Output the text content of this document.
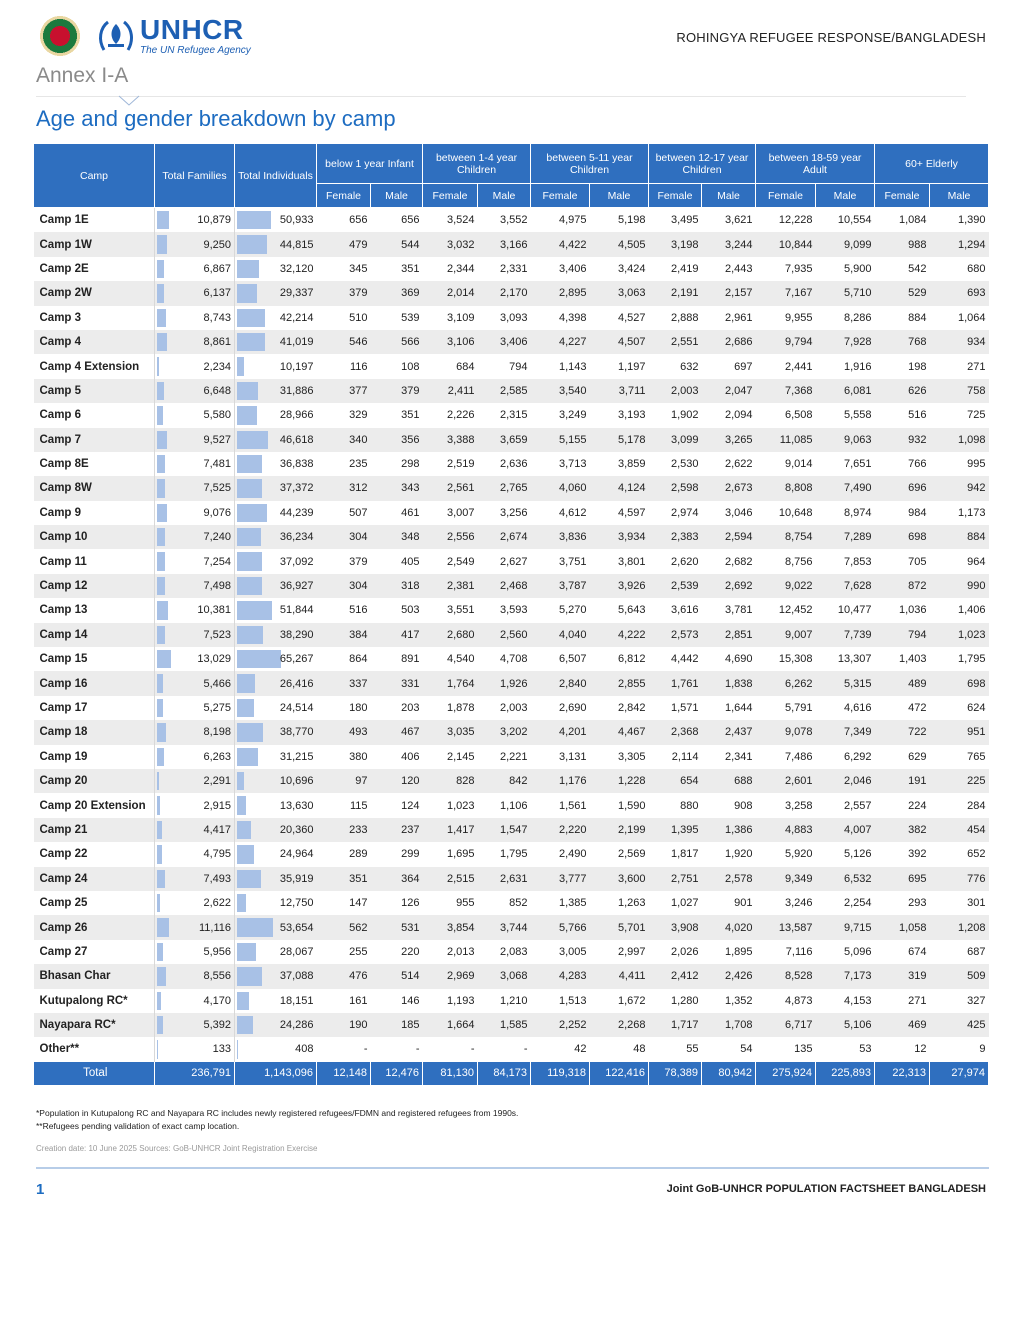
UNHCR
The UN Refugee Agency
ROHINGYA REFUGEE RESPONSE/BANGLADESH
Annex I-A
Age and gender breakdown by camp
Camp	Total Families	Total Individuals	below 1 year Infant		between 1-4 year Children		between 5-11 year Children		between 12-17 year Children		between 18-59 year Adult		60+ Elderly	
			Female	Male	Female	Male	Female	Male	Female	Male	Female	Male	Female	Male
Camp 1E	10,879	50,933	656	656	3,524	3,552	4,975	5,198	3,495	3,621	12,228	10,554	1,084	1,390
Camp 1W	9,250	44,815	479	544	3,032	3,166	4,422	4,505	3,198	3,244	10,844	9,099	988	1,294
Camp 2E	6,867	32,120	345	351	2,344	2,331	3,406	3,424	2,419	2,443	7,935	5,900	542	680
Camp 2W	6,137	29,337	379	369	2,014	2,170	2,895	3,063	2,191	2,157	7,167	5,710	529	693
Camp 3	8,743	42,214	510	539	3,109	3,093	4,398	4,527	2,888	2,961	9,955	8,286	884	1,064
Camp 4	8,861	41,019	546	566	3,106	3,406	4,227	4,507	2,551	2,686	9,794	7,928	768	934
Camp 4 Extension	2,234	10,197	116	108	684	794	1,143	1,197	632	697	2,441	1,916	198	271
Camp 5	6,648	31,886	377	379	2,411	2,585	3,540	3,711	2,003	2,047	7,368	6,081	626	758
Camp 6	5,580	28,966	329	351	2,226	2,315	3,249	3,193	1,902	2,094	6,508	5,558	516	725
Camp 7	9,527	46,618	340	356	3,388	3,659	5,155	5,178	3,099	3,265	11,085	9,063	932	1,098
Camp 8E	7,481	36,838	235	298	2,519	2,636	3,713	3,859	2,530	2,622	9,014	7,651	766	995
Camp 8W	7,525	37,372	312	343	2,561	2,765	4,060	4,124	2,598	2,673	8,808	7,490	696	942
Camp 9	9,076	44,239	507	461	3,007	3,256	4,612	4,597	2,974	3,046	10,648	8,974	984	1,173
Camp 10	7,240	36,234	304	348	2,556	2,674	3,836	3,934	2,383	2,594	8,754	7,289	698	884
Camp 11	7,254	37,092	379	405	2,549	2,627	3,751	3,801	2,620	2,682	8,756	7,853	705	964
Camp 12	7,498	36,927	304	318	2,381	2,468	3,787	3,926	2,539	2,692	9,022	7,628	872	990
Camp 13	10,381	51,844	516	503	3,551	3,593	5,270	5,643	3,616	3,781	12,452	10,477	1,036	1,406
Camp 14	7,523	38,290	384	417	2,680	2,560	4,040	4,222	2,573	2,851	9,007	7,739	794	1,023
Camp 15	13,029	65,267	864	891	4,540	4,708	6,507	6,812	4,442	4,690	15,308	13,307	1,403	1,795
Camp 16	5,466	26,416	337	331	1,764	1,926	2,840	2,855	1,761	1,838	6,262	5,315	489	698
Camp 17	5,275	24,514	180	203	1,878	2,003	2,690	2,842	1,571	1,644	5,791	4,616	472	624
Camp 18	8,198	38,770	493	467	3,035	3,202	4,201	4,467	2,368	2,437	9,078	7,349	722	951
Camp 19	6,263	31,215	380	406	2,145	2,221	3,131	3,305	2,114	2,341	7,486	6,292	629	765
Camp 20	2,291	10,696	97	120	828	842	1,176	1,228	654	688	2,601	2,046	191	225
Camp 20 Extension	2,915	13,630	115	124	1,023	1,106	1,561	1,590	880	908	3,258	2,557	224	284
Camp 21	4,417	20,360	233	237	1,417	1,547	2,220	2,199	1,395	1,386	4,883	4,007	382	454
Camp 22	4,795	24,964	289	299	1,695	1,795	2,490	2,569	1,817	1,920	5,920	5,126	392	652
Camp 24	7,493	35,919	351	364	2,515	2,631	3,777	3,600	2,751	2,578	9,349	6,532	695	776
Camp 25	2,622	12,750	147	126	955	852	1,385	1,263	1,027	901	3,246	2,254	293	301
Camp 26	11,116	53,654	562	531	3,854	3,744	5,766	5,701	3,908	4,020	13,587	9,715	1,058	1,208
Camp 27	5,956	28,067	255	220	2,013	2,083	3,005	2,997	2,026	1,895	7,116	5,096	674	687
Bhasan Char	8,556	37,088	476	514	2,969	3,068	4,283	4,411	2,412	2,426	8,528	7,173	319	509
Kutupalong RC*	4,170	18,151	161	146	1,193	1,210	1,513	1,672	1,280	1,352	4,873	4,153	271	327
Nayapara RC*	5,392	24,286	190	185	1,664	1,585	2,252	2,268	1,717	1,708	6,717	5,106	469	425
Other**	133	408	-	-	-	-	42	48	55	54	135	53	12	9
Total	236,791	1,143,096	12,148	12,476	81,130	84,173	119,318	122,416	78,389	80,942	275,924	225,893	22,313	27,974
*Population in Kutupalong RC and Nayapara RC includes newly registered refugees/FDMN and registered refugees from 1990s.
**Refugees pending validation of exact camp location.
Creation date: 10 June 2025 Sources: GoB-UNHCR Joint Registration Exercise
1	Joint GoB-UNHCR POPULATION FACTSHEET BANGLADESH
